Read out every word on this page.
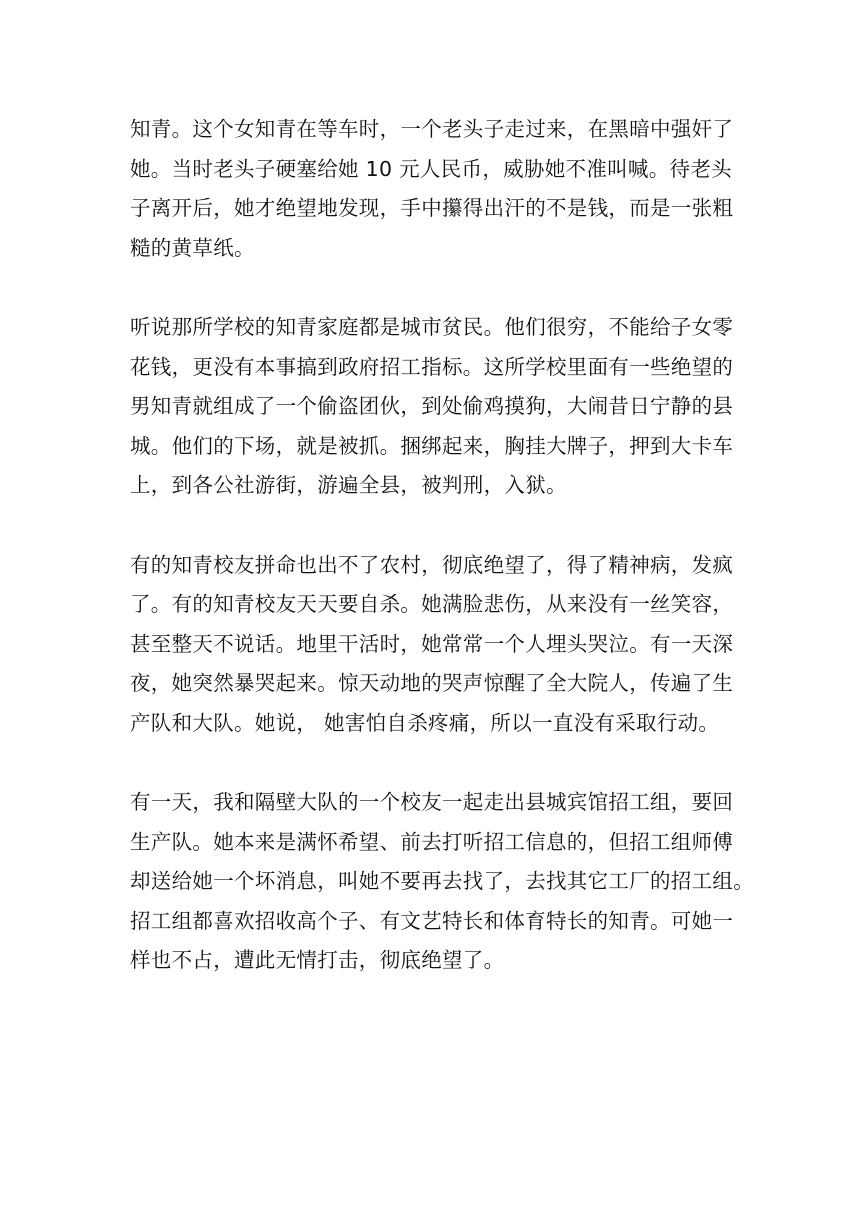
知青。这个女知青在等车时，一个老头子走过来，在黑暗中强奸了
她。当时老头子硬塞给她 10 元人民币，威胁她不准叫喊。待老头
子离开后，她才绝望地发现，手中攥得出汗的不是钱，而是一张粗
糙的黄草纸。

听说那所学校的知青家庭都是城市贫民。他们很穷，不能给子女零
花钱，更没有本事搞到政府招工指标。这所学校里面有一些绝望的
男知青就组成了一个偷盗团伙，到处偷鸡摸狗，大闹昔日宁静的县
城。他们的下场，就是被抓。捆绑起来，胸挂大牌子，押到大卡车
上，到各公社游街，游遍全县，被判刑，入狱。

有的知青校友拼命也出不了农村，彻底绝望了，得了精神病，发疯
了。有的知青校友天天要自杀。她满脸悲伤，从来没有一丝笑容，
甚至整天不说话。地里干活时，她常常一个人埋头哭泣。有一天深
夜，她突然暴哭起来。惊天动地的哭声惊醒了全大院人，传遍了生
产队和大队。她说， 她害怕自杀疼痛，所以一直没有采取行动。

有一天，我和隔壁大队的一个校友一起走出县城宾馆招工组，要回
生产队。她本来是满怀希望、前去打听招工信息的，但招工组师傅
却送给她一个坏消息，叫她不要再去找了，去找其它工厂的招工组。
招工组都喜欢招收高个子、有文艺特长和体育特长的知青。可她一
样也不占，遭此无情打击，彻底绝望了。
